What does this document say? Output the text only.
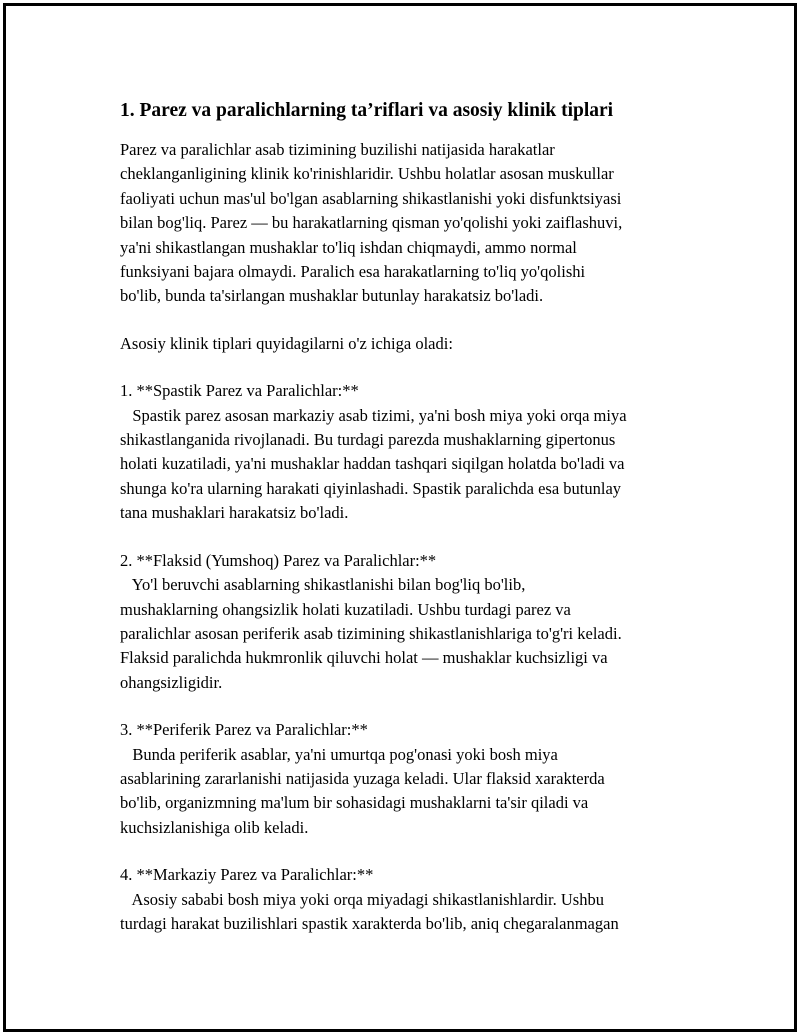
1. Parez va paralichlarning ta’riflari va asosiy klinik tiplari

Parez va paralichlar asab tizimining buzilishi natijasida harakatlar
cheklanganligining klinik ko'rinishlaridir. Ushbu holatlar asosan muskullar
faoliyati uchun mas'ul bo'lgan asablarning shikastlanishi yoki disfunktsiyasi
bilan bog'liq. Parez — bu harakatlarning qisman yo'qolishi yoki zaiflashuvi,
ya'ni shikastlangan mushaklar to'liq ishdan chiqmaydi, ammo normal
funksiyani bajara olmaydi. Paralich esa harakatlarning to'liq yo'qolishi
bo'lib, bunda ta'sirlangan mushaklar butunlay harakatsiz bo'ladi.

Asosiy klinik tiplari quyidagilarni o'z ichiga oladi:

1. **Spastik Parez va Paralichlar:**
Spastik parez asosan markaziy asab tizimi, ya'ni bosh miya yoki orqa miya
shikastlanganida rivojlanadi. Bu turdagi parezda mushaklarning gipertonus
holati kuzatiladi, ya'ni mushaklar haddan tashqari siqilgan holatda bo'ladi va
shunga ko'ra ularning harakati qiyinlashadi. Spastik paralichda esa butunlay
tana mushaklari harakatsiz bo'ladi.
2. **Flaksid (Yumshoq) Parez va Paralichlar:**
Yo'l beruvchi asablarning shikastlanishi bilan bog'liq bo'lib,
mushaklarning ohangsizlik holati kuzatiladi. Ushbu turdagi parez va
paralichlar asosan periferik asab tizimining shikastlanishlariga to'g'ri keladi.
Flaksid paralichda hukmronlik qiluvchi holat — mushaklar kuchsizligi va
ohangsizligidir.
3. **Periferik Parez va Paralichlar:**
Bunda periferik asablar, ya'ni umurtqa pog'onasi yoki bosh miya
asablarining zararlanishi natijasida yuzaga keladi. Ular flaksid xarakterda
bo'lib, organizmning ma'lum bir sohasidagi mushaklarni ta'sir qiladi va
kuchsizlanishiga olib keladi.
4. **Markaziy Parez va Paralichlar:**
Asosiy sababi bosh miya yoki orqa miyadagi shikastlanishlardir. Ushbu
turdagi harakat buzilishlari spastik xarakterda bo'lib, aniq chegaralanmagan
